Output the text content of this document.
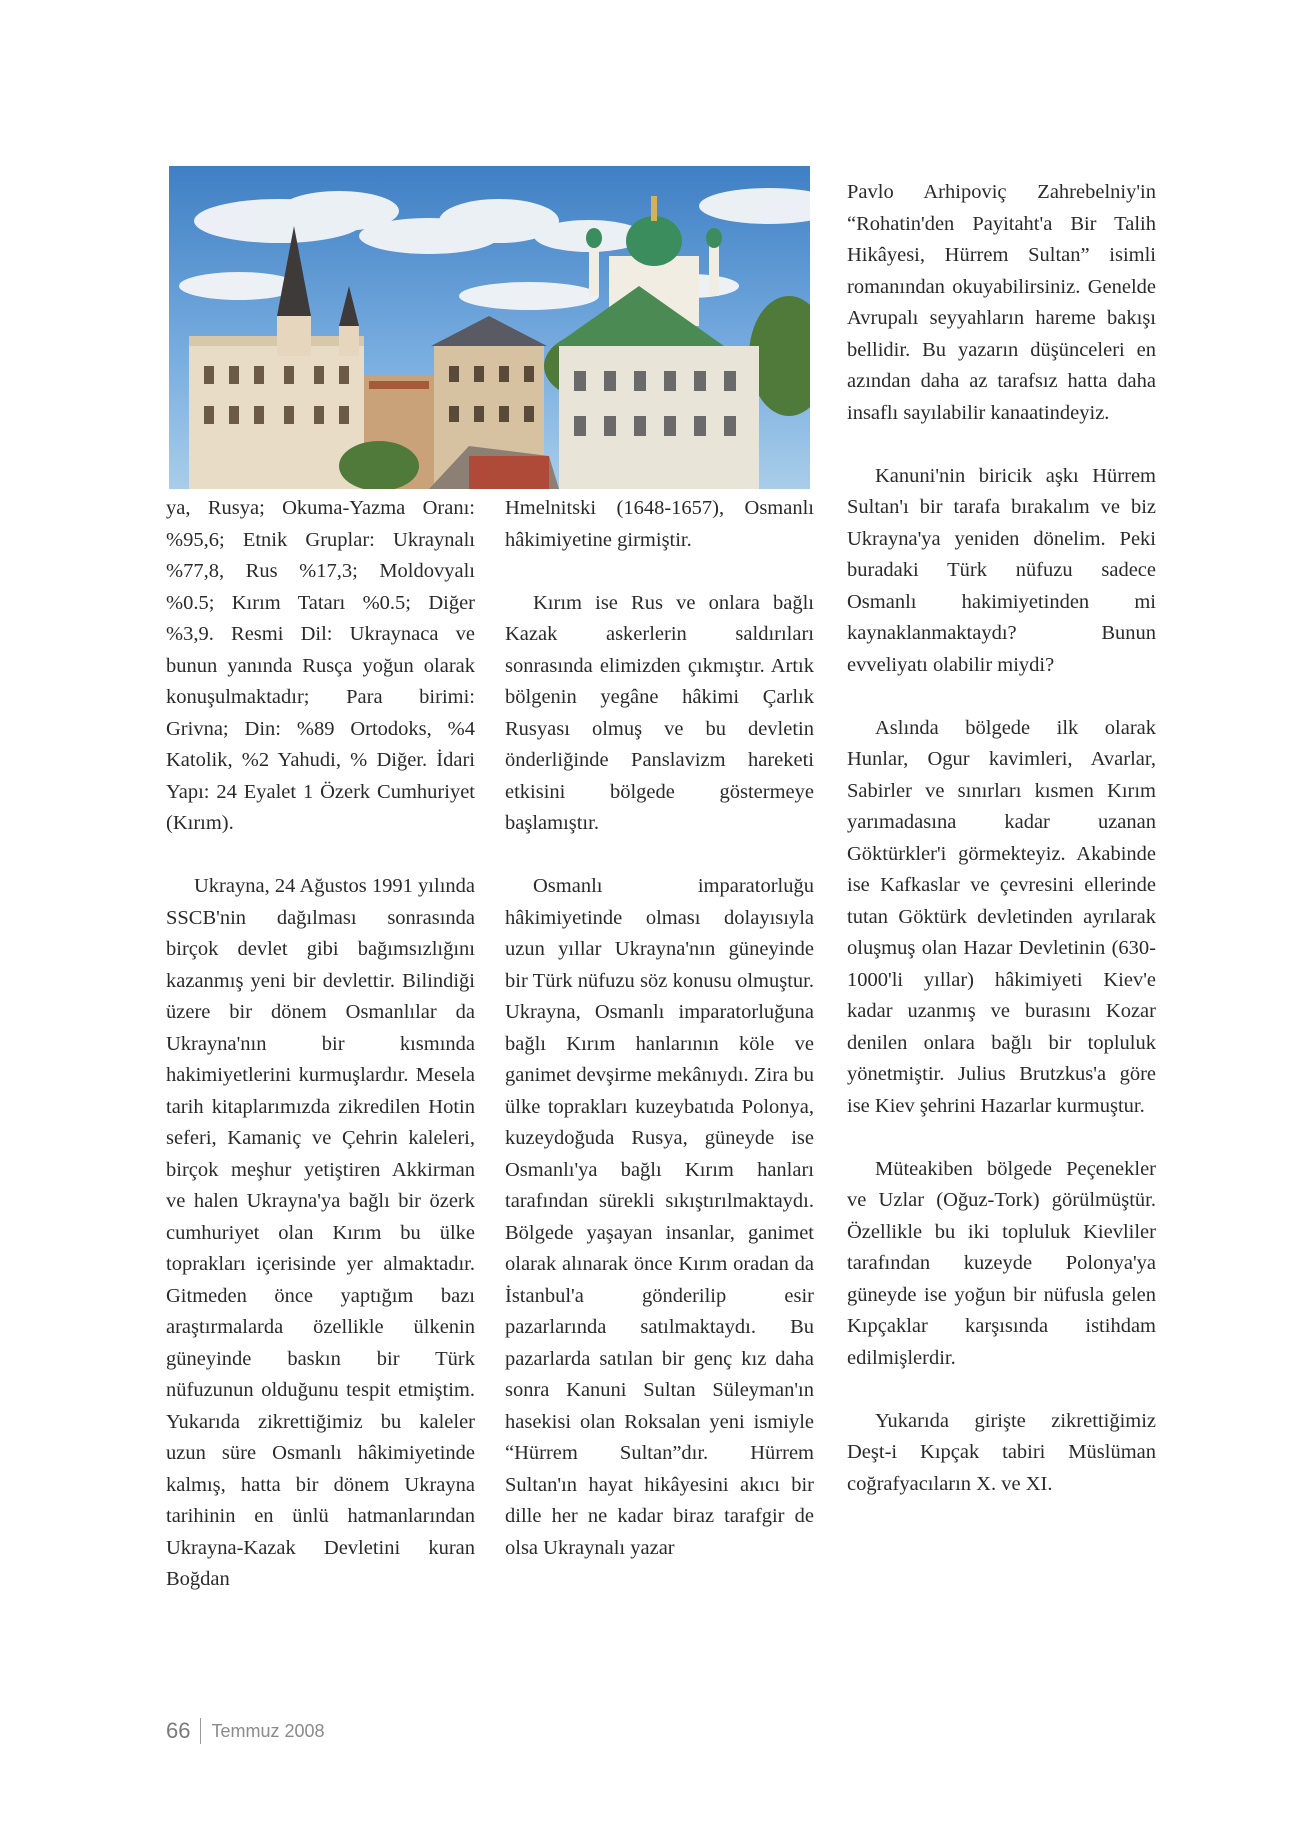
ya, Rusya; Okuma-Yazma Oranı: %95,6; Etnik Gruplar: Ukraynalı %77,8, Rus %17,3; Moldovyalı %0.5; Kırım Tatarı %0.5; Diğer %3,9. Resmi Dil: Ukraynaca ve bunun yanında Rusça yoğun olarak konuşulmaktadır; Para birimi: Grivna; Din: %89 Ortodoks, %4 Katolik, %2 Yahudi, % Diğer. İdari Yapı: 24 Eyalet 1 Özerk Cumhuriyet (Kırım).

Ukrayna, 24 Ağustos 1991 yılında SSCB'nin dağılması sonrasında birçok devlet gibi bağımsızlığını kazanmış yeni bir devlettir. Bilindiği üzere bir dönem Osmanlılar da Ukrayna'nın bir kısmında hakimiyetlerini kurmuşlardır. Mesela tarih kitaplarımızda zikredilen Hotin seferi, Kamaniç ve Çehrin kaleleri, birçok meşhur yetiştiren Akkirman ve halen Ukrayna'ya bağlı bir özerk cumhuriyet olan Kırım bu ülke toprakları içerisinde yer almaktadır. Gitmeden önce yaptığım bazı araştırmalarda özellikle ülkenin güneyinde baskın bir Türk nüfuzunun olduğunu tespit etmiştim. Yukarıda zikrettiğimiz bu kaleler uzun süre Osmanlı hâkimiyetinde kalmış, hatta bir dönem Ukrayna tarihinin en ünlü hatmanlarından Ukrayna-Kazak Devletini kuran Boğdan

Hmelnitski (1648-1657), Osmanlı hâkimiyetine girmiştir.

Kırım ise Rus ve onlara bağlı Kazak askerlerin saldırıları sonrasında elimizden çıkmıştır. Artık bölgenin yegâne hâkimi Çarlık Rusyası olmuş ve bu devletin önderliğinde Panslavizm hareketi etkisini bölgede göstermeye başlamıştır.

Osmanlı imparatorluğu hâkimiyetinde olması dolayısıyla uzun yıllar Ukrayna'nın güneyinde bir Türk nüfuzu söz konusu olmuştur. Ukrayna, Osmanlı imparatorluğuna bağlı Kırım hanlarının köle ve ganimet devşirme mekânıydı. Zira bu ülke toprakları kuzeybatıda Polonya, kuzeydoğuda Rusya, güneyde ise Osmanlı'ya bağlı Kırım hanları tarafından sürekli sıkıştırılmaktaydı. Bölgede yaşayan insanlar, ganimet olarak alınarak önce Kırım oradan da İstanbul'a gönderilip esir pazarlarında satılmaktaydı. Bu pazarlarda satılan bir genç kız daha sonra Kanuni Sultan Süleyman'ın hasekisi olan Roksalan yeni ismiyle “Hürrem Sultan”dır. Hürrem Sultan'ın hayat hikâyesini akıcı bir dille her ne kadar biraz tarafgir de olsa Ukraynalı yazar

Pavlo Arhipoviç Zahrebelniy'in “Rohatin'den Payitaht'a Bir Talih Hikâyesi, Hürrem Sultan” isimli romanından okuyabilirsiniz. Genelde Avrupalı seyyahların hareme bakışı bellidir. Bu yazarın düşünceleri en azından daha az tarafsız hatta daha insaflı sayılabilir kanaatindeyiz.

Kanuni'nin biricik aşkı Hürrem Sultan'ı bir tarafa bırakalım ve biz Ukrayna'ya yeniden dönelim. Peki buradaki Türk nüfuzu sadece Osmanlı hakimiyetinden mi kaynaklanmaktaydı? Bunun evveliyatı olabilir miydi?

Aslında bölgede ilk olarak Hunlar, Ogur kavimleri, Avarlar, Sabirler ve sınırları kısmen Kırım yarımadasına kadar uzanan Göktürkler'i görmekteyiz. Akabinde ise Kafkaslar ve çevresini ellerinde tutan Göktürk devletinden ayrılarak oluşmuş olan Hazar Devletinin (630-1000'li yıllar) hâkimiyeti Kiev'e kadar uzanmış ve burasını Kozar denilen onlara bağlı bir topluluk yönetmiştir. Julius Brutzkus'a göre ise Kiev şehrini Hazarlar kurmuştur.

Müteakiben bölgede Peçenekler ve Uzlar (Oğuz-Tork) görülmüştür. Özellikle bu iki topluluk Kievliler tarafından kuzeyde Polonya'ya güneyde ise yoğun bir nüfusla gelen Kıpçaklar karşısında istihdam edilmişlerdir.

Yukarıda girişte zikrettiğimiz Deşt-i Kıpçak tabiri Müslüman coğrafyacıların X. ve XI.

66 Temmuz 2008
